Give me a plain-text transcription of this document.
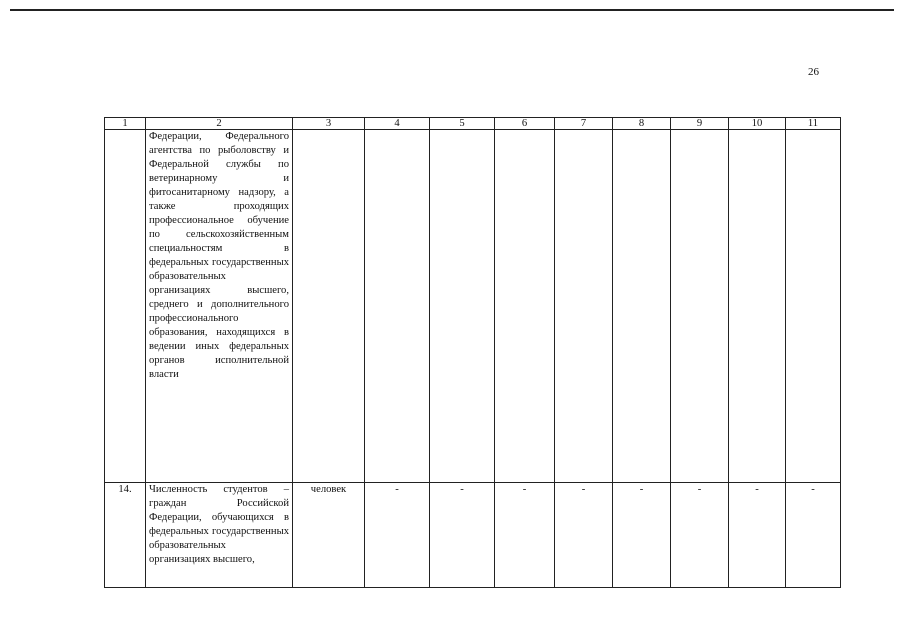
26
1	2	3	4	5	6	7	8	9	10	11
	Федерации, Федерального агентства по рыболовству и Федеральной службы по ветеринарному и фитосанитарному надзору, а также проходящих профессиональное обучение по сельскохозяйственным специальностям в федеральных государственных образовательных организациях высшего, среднего и дополнительного профессионального образования, находящихся в ведении иных федеральных органов исполнительной власти									
14.	Численность студентов – граждан Российской Федерации, обучающихся в федеральных государственных образовательных организациях высшего,	человек	-	-	-	-	-	-	-	-
